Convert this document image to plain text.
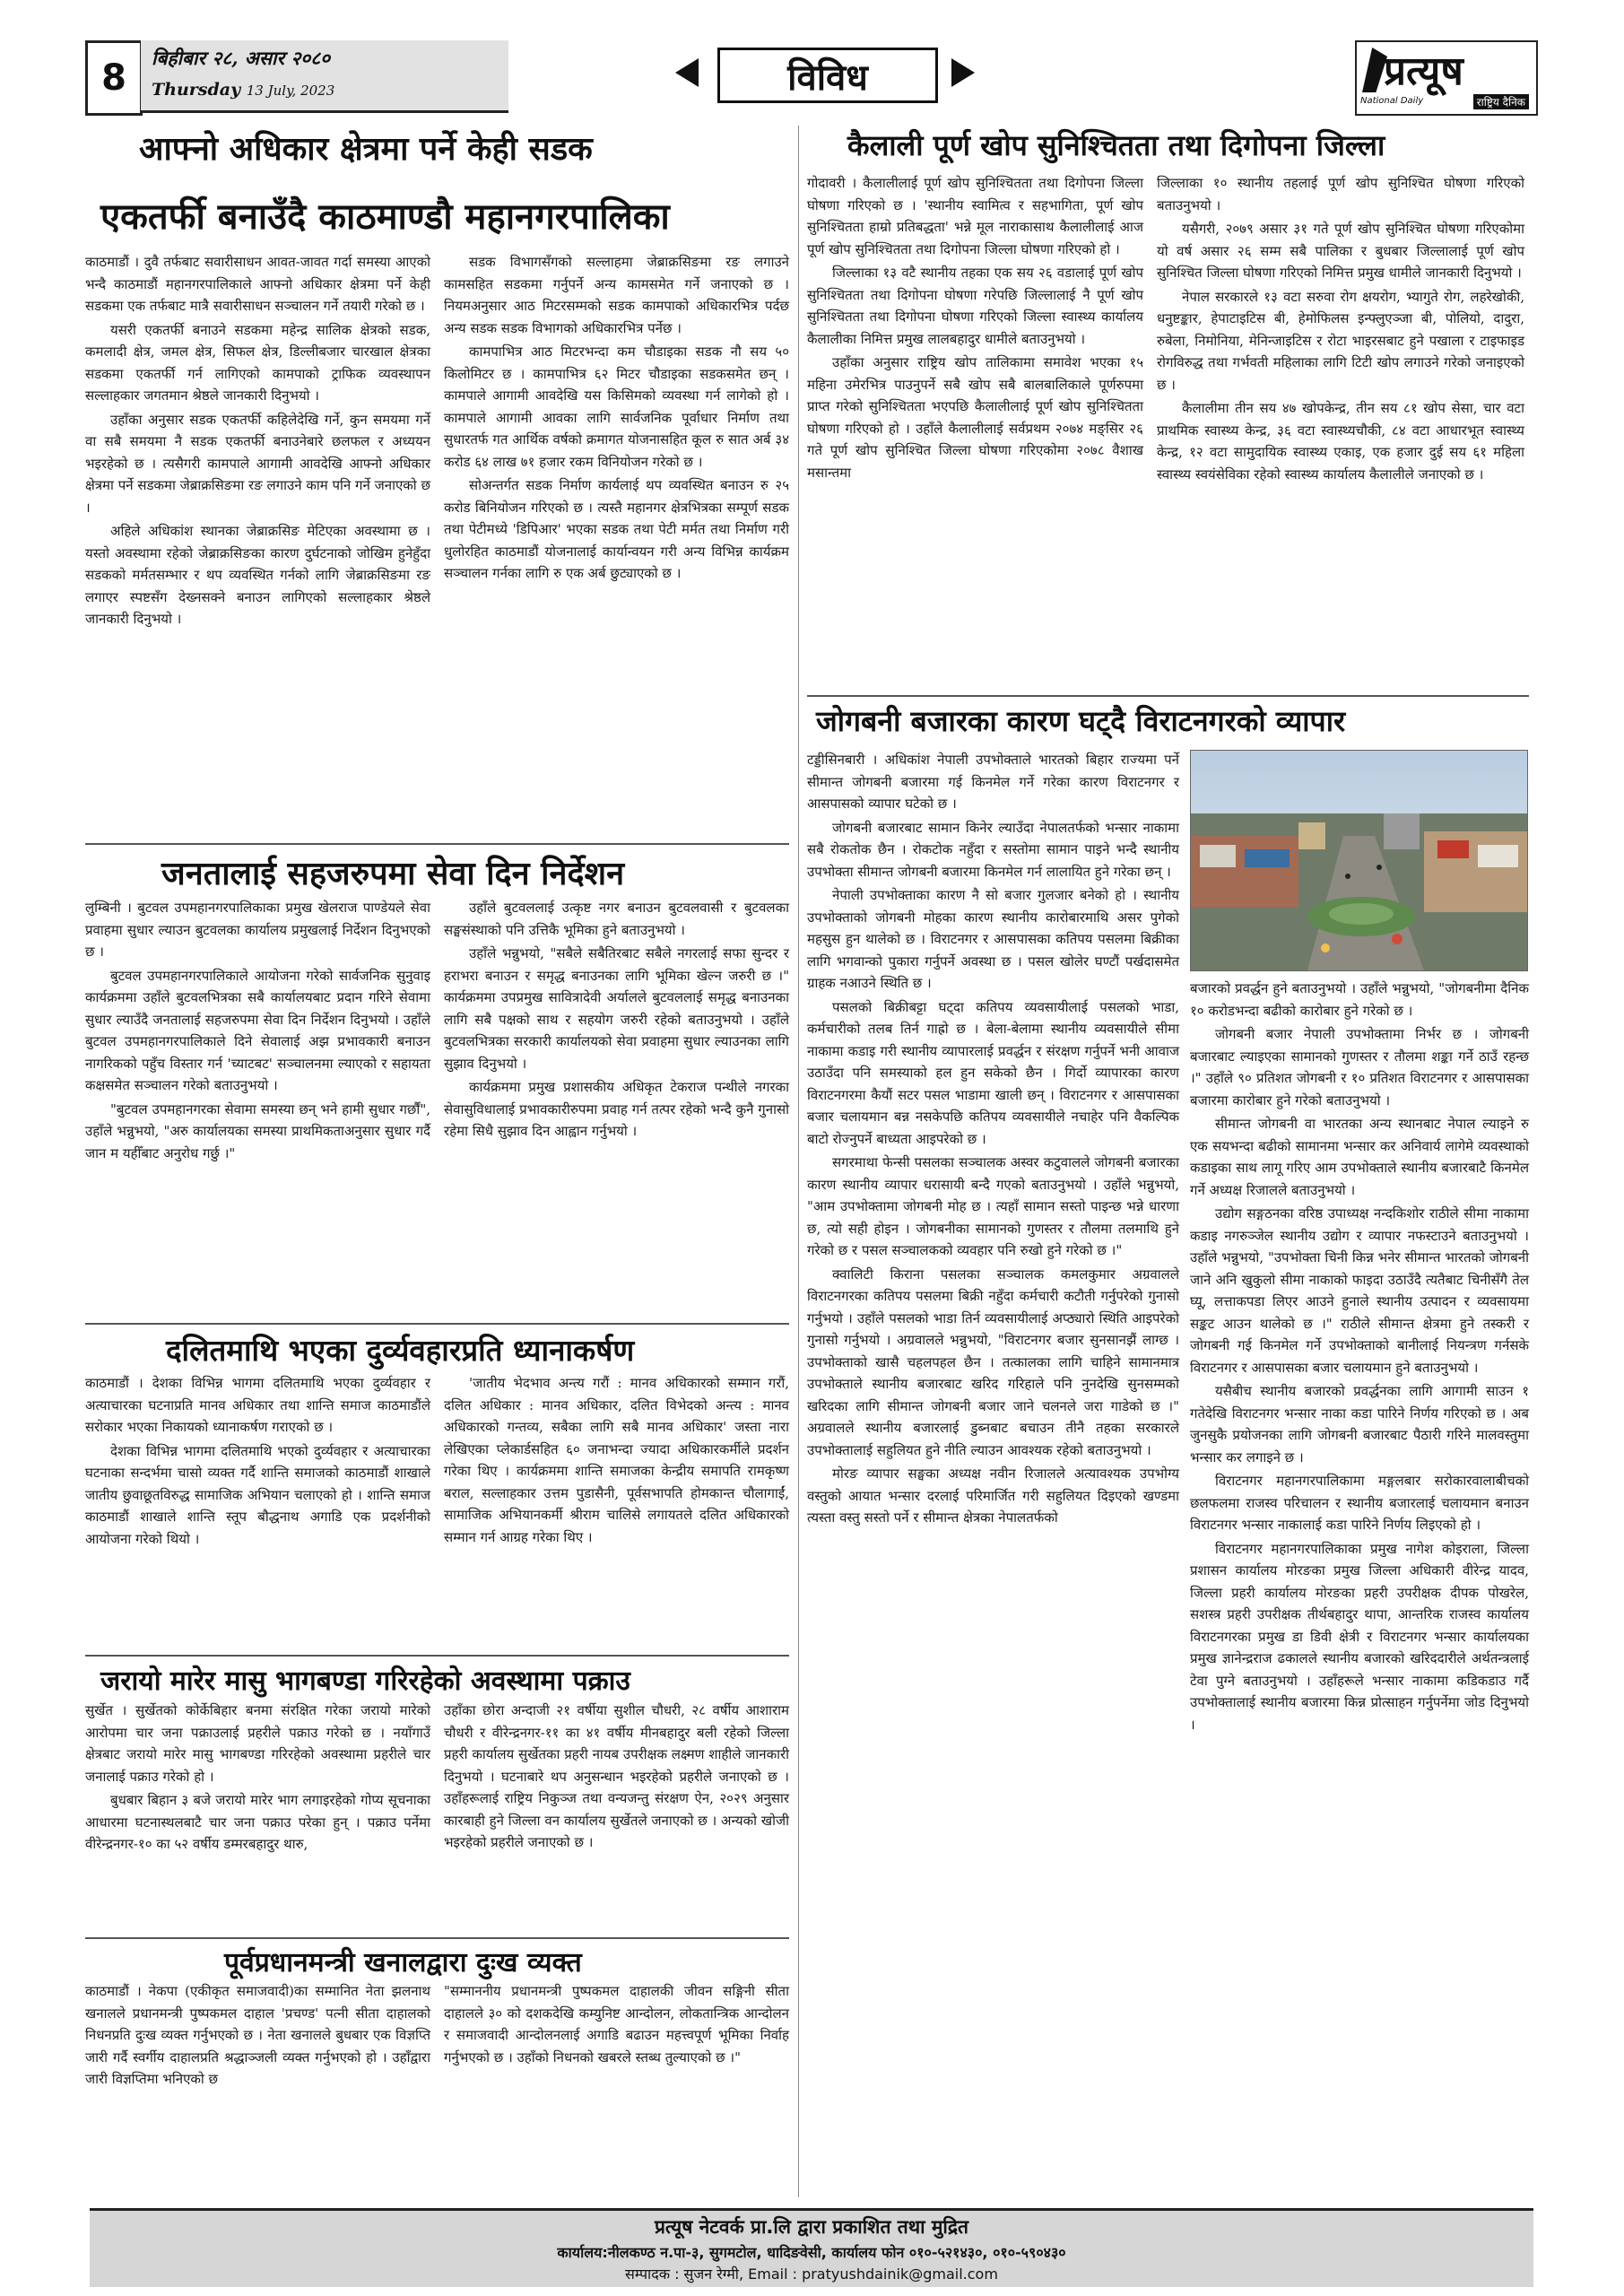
8	बिहीबार २८, असार २०८०
Thursday 13 July, 2023	विविध	प्रत्यूष
National Daily	राष्ट्रिय दैनिक
आफ्नो अधिकार क्षेत्रमा पर्ने केही सडक
एकतर्फी बनाउँदै काठमाण्डौ महानगरपालिका

काठमाडौं । दुवै तर्फबाट सवारीसाधन आवत-जावत गर्दा समस्या आएको भन्दै काठमाडौं महानगरपालिकाले आफ्नो अधिकार क्षेत्रमा पर्ने केही सडकमा एक तर्फबाट मात्रै सवारीसाधन सञ्चालन गर्ने तयारी गरेको छ ।

यसरी एकतर्फी बनाउने सडकमा महेन्द्र सालिक क्षेत्रको सडक, कमलादी क्षेत्र, जमल क्षेत्र, सिफल क्षेत्र, डिल्लीबजार चारखाल क्षेत्रका सडकमा एकतर्फी गर्न लागिएको कामपाको ट्राफिक व्यवस्थापन सल्लाहकार जगतमान श्रेष्ठले जानकारी दिनुभयो ।

उहाँका अनुसार सडक एकतर्फी कहिलेदेखि गर्ने, कुन समयमा गर्ने वा सबै समयमा नै सडक एकतर्फी बनाउनेबारे छलफल र अध्ययन भइरहेको छ । त्यसैगरी कामपाले आगामी आवदेखि आफ्नो अधिकार क्षेत्रमा पर्ने सडकमा जेब्राक्रसिङमा रङ लगाउने काम पनि गर्ने जनाएको छ ।

अहिले अधिकांश स्थानका जेब्राक्रसिङ मेटिएका अवस्थामा छ । यस्तो अवस्थामा रहेको जेब्राक्रसिङका कारण दुर्घटनाको जोखिम हुनेहुँदा सडकको मर्मतसम्भार र थप व्यवस्थित गर्नको लागि जेब्राक्रसिङमा रङ लगाएर स्पष्टसँग देख्नसक्ने बनाउन लागिएको सल्लाहकार श्रेष्ठले जानकारी दिनुभयो ।

सडक विभागसँगको सल्लाहमा जेब्राक्रसिङमा रङ लगाउने कामसहित सडकमा गर्नुपर्ने अन्य कामसमेत गर्ने जनाएको छ । नियमअनुसार आठ मिटरसम्मको सडक कामपाको अधिकारभित्र पर्दछ अन्य सडक सडक विभागको अधिकारभित्र पर्नेछ ।

कामपाभित्र आठ मिटरभन्दा कम चौडाइका सडक नौ सय ५० किलोमिटर छ । कामपाभित्र ६२ मिटर चौडाइका सडकसमेत छन् । कामपाले आगामी आवदेखि यस किसिमको व्यवस्था गर्न लागेको हो । कामपाले आगामी आवका लागि सार्वजनिक पूर्वाधार निर्माण तथा सुधारतर्फ गत आर्थिक वर्षको क्रमागत योजनासहित कूल रु सात अर्ब ३४ करोड ६४ लाख ७१ हजार रकम विनियोजन गरेको छ ।

सोअन्तर्गत सडक निर्माण कार्यलाई थप व्यवस्थित बनाउन रु २५ करोड बिनियोजन गरिएको छ । त्यस्तै महानगर क्षेत्रभित्रका सम्पूर्ण सडक तथा पेटीमध्ये 'डिपिआर' भएका सडक तथा पेटी मर्मत तथा निर्माण गरी धुलोरहित काठमाडौं योजनालाई कार्यान्वयन गरी अन्य विभिन्न कार्यक्रम सञ्चालन गर्नका लागि रु एक अर्ब छुट्याएको छ ।

जनतालाई सहजरुपमा सेवा दिन निर्देशन

लुम्बिनी । बुटवल उपमहानगरपालिकाका प्रमुख खेलराज पाण्डेयले सेवा प्रवाहमा सुधार ल्याउन बुटवलका कार्यालय प्रमुखलाई निर्देशन दिनुभएको छ ।

बुटवल उपमहानगरपालिकाले आयोजना गरेको सार्वजनिक सुनुवाइ कार्यक्रममा उहाँले बुटवलभित्रका सबै कार्यालयबाट प्रदान गरिने सेवामा सुधार ल्याउँदै जनतालाई सहजरुपमा सेवा दिन निर्देशन दिनुभयो । उहाँले बुटवल उपमहानगरपालिकाले दिने सेवालाई अझ प्रभावकारी बनाउन नागरिकको पहुँच विस्तार गर्न 'च्याटबट' सञ्चालनमा ल्याएको र सहायता कक्षसमेत सञ्चालन गरेको बताउनुभयो ।

"बुटवल उपमहानगरका सेवामा समस्या छन् भने हामी सुधार गर्छौं", उहाँले भन्नुभयो, "अरु कार्यालयका समस्या प्राथमिकताअनुसार सुधार गर्दै जान म यहीँबाट अनुरोध गर्छु ।"

उहाँले बुटवललाई उत्कृष्ट नगर बनाउन बुटवलवासी र बुटवलका सङ्घसंस्थाको पनि उत्तिकै भूमिका हुने बताउनुभयो ।

उहाँले भन्नुभयो, "सबैले सबैतिरबाट सबैले नगरलाई सफा सुन्दर र हराभरा बनाउन र समृद्ध बनाउनका लागि भूमिका खेल्न जरुरी छ ।" कार्यक्रममा उपप्रमुख सावित्रादेवी अर्यालले बुटवललाई समृद्ध बनाउनका लागि सबै पक्षको साथ र सहयोग जरुरी रहेको बताउनुभयो । उहाँले बुटवलभित्रका सरकारी कार्यालयको सेवा प्रवाहमा सुधार ल्याउनका लागि सुझाव दिनुभयो ।

कार्यक्रममा प्रमुख प्रशासकीय अधिकृत टेकराज पन्थीले नगरका सेवासुविधालाई प्रभावकारीरुपमा प्रवाह गर्न तत्पर रहेको भन्दै कुनै गुनासो रहेमा सिधै सुझाव दिन आह्वान गर्नुभयो ।

दलितमाथि भएका दुर्व्यवहारप्रति ध्यानाकर्षण

काठमाडौं । देशका विभिन्न भागमा दलितमाथि भएका दुर्व्यवहार र अत्याचारका घटनाप्रति मानव अधिकार तथा शान्ति समाज काठमाडौंले सरोकार भएका निकायको ध्यानाकर्षण गराएको छ ।

देशका विभिन्न भागमा दलितमाथि भएको दुर्व्यवहार र अत्याचारका घटनाका सन्दर्भमा चासो व्यक्त गर्दै शान्ति समाजको काठमाडौं शाखाले जातीय छुवाछूतविरुद्ध सामाजिक अभियान चलाएको हो । शान्ति समाज काठमाडौं शाखाले शान्ति स्तूप बौद्धनाथ अगाडि एक प्रदर्शनीको आयोजना गरेको थियो ।

'जातीय भेदभाव अन्त्य गरौं : मानव अधिकारको सम्मान गरौं, दलित अधिकार : मानव अधिकार, दलित विभेदको अन्त्य : मानव अधिकारको गन्तव्य, सबैका लागि सबै मानव अधिकार' जस्ता नारा लेखिएका प्लेकार्डसहित ६० जनाभन्दा ज्यादा अधिकारकर्मीले प्रदर्शन गरेका थिए । कार्यक्रममा शान्ति समाजका केन्द्रीय समापति रामकृष्ण बराल, सल्लाहकार उत्तम पुडासैनी, पूर्वसभापति होमकान्त चौलागाईं, सामाजिक अभियानकर्मी श्रीराम चालिसे लगायतले दलित अधिकारको सम्मान गर्न आग्रह गरेका थिए ।

जरायो मारेर मासु भागबण्डा गरिरहेको अवस्थामा पक्राउ

सुर्खेत । सुर्खेतको कोर्केबिहार बनमा संरक्षित गरेका जरायो मारेको आरोपमा चार जना पक्राउलाई प्रहरीले पक्राउ गरेको छ । नयाँगाउँ क्षेत्रबाट जरायो मारेर मासु भागबण्डा गरिरहेको अवस्थामा प्रहरीले चार जनालाई पक्राउ गरेको हो ।

बुधबार बिहान ३ बजे जरायो मारेर भाग लगाइरहेको गोप्य सूचनाका आधारमा घटनास्थलबाटै चार जना पक्राउ परेका हुन् । पक्राउ पर्नेमा वीरेन्द्रनगर-१० का ५२ वर्षीय डम्मरबहादुर थारु,

उहाँका छोरा अन्दाजी २१ वर्षीया सुशील चौधरी, २८ वर्षीय आशाराम चौधरी र वीरेन्द्रनगर-११ का ४१ वर्षीय मीनबहादुर बली रहेको जिल्ला प्रहरी कार्यालय सुर्खेतका प्रहरी नायब उपरीक्षक लक्ष्मण शाहीले जानकारी दिनुभयो । घटनाबारे थप अनुसन्धान भइरहेको प्रहरीले जनाएको छ । उहाँहरूलाई राष्ट्रिय निकुञ्ज तथा वन्यजन्तु संरक्षण ऐन, २०२९ अनुसार कारबाही हुने जिल्ला वन कार्यालय सुर्खेतले जनाएको छ । अन्यको खोजी भइरहेको प्रहरीले जनाएको छ ।

पूर्वप्रधानमन्त्री खनालद्वारा दुःख व्यक्त

काठमाडौं । नेकपा (एकीकृत समाजवादी)का सम्मानित नेता झलनाथ खनालले प्रधानमन्त्री पुष्पकमल दाहाल 'प्रचण्ड' पत्नी सीता दाहालको निधनप्रति दुःख व्यक्त गर्नुभएको छ । नेता खनालले बुधबार एक विज्ञप्ति जारी गर्दै स्वर्गीय दाहालप्रति श्रद्धाञ्जली व्यक्त गर्नुभएको हो । उहाँद्वारा जारी विज्ञप्तिमा भनिएको छ

"सम्माननीय प्रधानमन्त्री पुष्पकमल दाहालकी जीवन सङ्गिनी सीता दाहालले ३० को दशकदेखि कम्युनिष्ट आन्दोलन, लोकतान्त्रिक आन्दोलन र समाजवादी आन्दोलनलाई अगाडि बढाउन महत्त्वपूर्ण भूमिका निर्वाह गर्नुभएको छ । उहाँको निधनको खबरले स्तब्ध तुल्याएको छ ।"

कैलाली पूर्ण खोप सुनिश्चितता तथा दिगोपना जिल्ला

गोदावरी । कैलालीलाई पूर्ण खोप सुनिश्चितता तथा दिगोपना जिल्ला घोषणा गरिएको छ । 'स्थानीय स्वामित्व र सहभागिता, पूर्ण खोप सुनिश्चितता हाम्रो प्रतिबद्धता' भन्ने मूल नाराकासाथ कैलालीलाई आज पूर्ण खोप सुनिश्चितता तथा दिगोपना जिल्ला घोषणा गरिएको हो ।

जिल्लाका १३ वटै स्थानीय तहका एक सय २६ वडालाई पूर्ण खोप सुनिश्चितता तथा दिगोपना घोषणा गरेपछि जिल्लालाई नै पूर्ण खोप सुनिश्चितता तथा दिगोपना घोषणा गरिएको जिल्ला स्वास्थ्य कार्यालय कैलालीका निमित्त प्रमुख लालबहादुर धामीले बताउनुभयो ।

उहाँका अनुसार राष्ट्रिय खोप तालिकामा समावेश भएका १५ महिना उमेरभित्र पाउनुपर्ने सबै खोप सबै बालबालिकाले पूर्णरुपमा प्राप्त गरेको सुनिश्चितता भएपछि कैलालीलाई पूर्ण खोप सुनिश्चितता घोषणा गरिएको हो । उहाँले कैलालीलाई सर्वप्रथम २०७४ मङ्सिर २६ गते पूर्ण खोप सुनिश्चित जिल्ला घोषणा गरिएकोमा २०७८ वैशाख मसान्तमा

जिल्लाका १० स्थानीय तहलाई पूर्ण खोप सुनिश्चित घोषणा गरिएको बताउनुभयो ।

यसैगरी, २०७९ असार ३१ गते पूर्ण खोप सुनिश्चित घोषणा गरिएकोमा यो वर्ष असार २६ सम्म सबै पालिका र बुधबार जिल्लालाई पूर्ण खोप सुनिश्चित जिल्ला घोषणा गरिएको निमित्त प्रमुख धामीले जानकारी दिनुभयो ।

नेपाल सरकारले १३ वटा सरुवा रोग क्षयरोग, भ्यागुते रोग, लहरेखोकी, धनुष्टङ्कार, हेपाटाइटिस बी, हेमोफिलस इन्फ्लुएञ्जा बी, पोलियो, दादुरा, रुबेला, निमोनिया, मेनिन्जाइटिस र रोटा भाइरसबाट हुने पखाला र टाइफाइड रोगविरुद्ध तथा गर्भवती महिलाका लागि टिटी खोप लगाउने गरेको जनाइएको छ ।

कैलालीमा तीन सय ४७ खोपकेन्द्र, तीन सय ८१ खोप सेसा, चार वटा प्राथमिक स्वास्थ्य केन्द्र, ३६ वटा स्वास्थ्यचौकी, ८४ वटा आधारभूत स्वास्थ्य केन्द्र, १२ वटा सामुदायिक स्वास्थ्य एकाइ, एक हजार दुई सय ६१ महिला स्वास्थ्य स्वयंसेविका रहेको स्वास्थ्य कार्यालय कैलालीले जनाएको छ ।

जोगबनी बजारका कारण घट्दै विराटनगरको व्यापार

टड्डीसिनबारी । अधिकांश नेपाली उपभोक्ताले भारतको बिहार राज्यमा पर्ने सीमान्त जोगबनी बजारमा गई किनमेल गर्ने गरेका कारण विराटनगर र आसपासको व्यापार घटेको छ ।

जोगबनी बजारबाट सामान किनेर ल्याउँदा नेपालतर्फको भन्सार नाकामा सबै रोकतोक छैन । रोकटोक नहुँदा र सस्तोमा सामान पाइने भन्दै स्थानीय उपभोक्ता सीमान्त जोगबनी बजारमा किनमेल गर्न लालायित हुने गरेका छन् ।

नेपाली उपभोक्ताका कारण नै सो बजार गुलजार बनेको हो । स्थानीय उपभोक्ताको जोगबनी मोहका कारण स्थानीय कारोबारमाथि असर पुगेको महसुस हुन थालेको छ । विराटनगर र आसपासका कतिपय पसलमा बिक्रीका लागि भगवान्को पुकारा गर्नुपर्ने अवस्था छ । पसल खोलेर घण्टौं पर्खदासमेत ग्राहक नआउने स्थिति छ ।

पसलको बिक्रीबट्टा घट्दा कतिपय व्यवसायीलाई पसलको भाडा, कर्मचारीको तलब तिर्न गाह्रो छ । बेला-बेलामा स्थानीय व्यवसायीले सीमा नाकामा कडाइ गरी स्थानीय व्यापारलाई प्रवर्द्धन र संरक्षण गर्नुपर्ने भनी आवाज उठाउँदा पनि समस्याको हल हुन सकेको छैन । गिर्दो व्यापारका कारण विराटनगरमा कैयौं सटर पसल भाडामा खाली छन् । विराटनगर र आसपासका बजार चलायमान बन्न नसकेपछि कतिपय व्यवसायीले नचाहेर पनि वैकल्पिक बाटो रोज्नुपर्ने बाध्यता आइपरेको छ ।

सगरमाथा फेन्सी पसलका सञ्चालक अस्वर कटुवालले जोगबनी बजारका कारण स्थानीय व्यापार धरासायी बन्दै गएको बताउनुभयो । उहाँले भन्नुभयो, "आम उपभोक्तामा जोगबनी मोह छ । त्यहाँ सामान सस्तो पाइन्छ भन्ने धारणा छ, त्यो सही होइन । जोगबनीका सामानको गुणस्तर र तौलमा तलमाथि हुने गरेको छ र पसल सञ्चालकको व्यवहार पनि रुखो हुने गरेको छ ।"

क्वालिटी किराना पसलका सञ्चालक कमलकुमार अग्रवालले विराटनगरका कतिपय पसलमा बिक्री नहुँदा कर्मचारी कटौती गर्नुपरेको गुनासो गर्नुभयो । उहाँले पसलको भाडा तिर्न व्यवसायीलाई अप्ठ्यारो स्थिति आइपरेको गुनासो गर्नुभयो । अग्रवालले भन्नुभयो, "विराटनगर बजार सुनसानझैं लाग्छ । उपभोक्ताको खासै चहलपहल छैन । तत्कालका लागि चाहिने सामानमात्र उपभोक्ताले स्थानीय बजारबाट खरिद गरिहाले पनि नुनदेखि सुनसम्मको खरिदका लागि सीमान्त जोगबनी बजार जाने चलनले जरा गाडेको छ ।" अग्रवालले स्थानीय बजारलाई डुब्नबाट बचाउन तीनै तहका सरकारले उपभोक्तालाई सहुलियत हुने नीति ल्याउन आवश्यक रहेको बताउनुभयो ।

मोरङ व्यापार सङ्घका अध्यक्ष नवीन रिजालले अत्यावश्यक उपभोग्य वस्तुको आयात भन्सार दरलाई परिमार्जित गरी सहुलियत दिइएको खण्डमा त्यस्ता वस्तु सस्तो पर्ने र सीमान्त क्षेत्रका नेपालतर्फको

बजारको प्रवर्द्धन हुने बताउनुभयो । उहाँले भन्नुभयो, "जोगबनीमा दैनिक १० करोडभन्दा बढीको कारोबार हुने गरेको छ ।

जोगबनी बजार नेपाली उपभोक्तामा निर्भर छ । जोगबनी बजारबाट ल्याइएका सामानको गुणस्तर र तौलमा शङ्का गर्ने ठाउँ रहन्छ ।" उहाँले ९० प्रतिशत जोगबनी र १० प्रतिशत विराटनगर र आसपासका बजारमा कारोबार हुने गरेको बताउनुभयो ।

सीमान्त जोगबनी वा भारतका अन्य स्थानबाट नेपाल ल्याइने रु एक सयभन्दा बढीको सामानमा भन्सार कर अनिवार्य लागेमे व्यवस्थाको कडाइका साथ लागू गरिए आम उपभोक्ताले स्थानीय बजारबाटै किनमेल गर्ने अध्यक्ष रिजालले बताउनुभयो ।

उद्योग सङ्गठनका वरिष्ठ उपाध्यक्ष नन्दकिशोर राठीले सीमा नाकामा कडाइ नगरुञ्जेल स्थानीय उद्योग र व्यापार नफस्टाउने बताउनुभयो । उहाँले भन्नुभयो, "उपभोक्ता चिनी किन्न भनेर सीमान्त भारतको जोगबनी जाने अनि खुकुलो सीमा नाकाको फाइदा उठाउँदै त्यतैबाट चिनीसँगै तेल घ्यू, लत्ताकपडा लिएर आउने हुनाले स्थानीय उत्पादन र व्यवसायमा सङ्कट आउन थालेको छ ।" राठीले सीमान्त क्षेत्रमा हुने तस्करी र जोगबनी गई किनमेल गर्ने उपभोक्ताको बानीलाई नियन्त्रण गर्नसके विराटनगर र आसपासका बजार चलायमान हुने बताउनुभयो ।

यसैबीच स्थानीय बजारको प्रवर्द्धनका लागि आगामी साउन १ गतेदेखि विराटनगर भन्सार नाका कडा पारिने निर्णय गरिएको छ । अब जुनसुकै प्रयोजनका लागि जोगबनी बजारबाट पैठारी गरिने मालवस्तुमा भन्सार कर लगाइने छ ।

विराटनगर महानगरपालिकामा मङ्गलबार सरोकारवालाबीचको छलफलमा राजस्व परिचालन र स्थानीय बजारलाई चलायमान बनाउन विराटनगर भन्सार नाकालाई कडा पारिने निर्णय लिइएको हो ।

विराटनगर महानगरपालिकाका प्रमुख नागेश कोइराला, जिल्ला प्रशासन कार्यालय मोरङका प्रमुख जिल्ला अधिकारी वीरेन्द्र यादव, जिल्ला प्रहरी कार्यालय मोरङका प्रहरी उपरीक्षक दीपक पोखरेल, सशस्त्र प्रहरी उपरीक्षक तीर्थबहादुर थापा, आन्तरिक राजस्व कार्यालय विराटनगरका प्रमुख डा डिवी क्षेत्री र विराटनगर भन्सार कार्यालयका प्रमुख ज्ञानेन्द्रराज ढकालले स्थानीय बजारको खरिददारीले अर्थतन्त्रलाई टेवा पुग्ने बताउनुभयो । उहाँहरूले भन्सार नाकामा कडिकडाउ गर्दै उपभोक्तालाई स्थानीय बजारमा किन्न प्रोत्साहन गर्नुपर्नेमा जोड दिनुभयो ।

प्रत्यूष नेटवर्क प्रा.लि द्वारा प्रकाशित तथा मुद्रित
कार्यालय:नीलकण्ठ न.पा-३, सुगमटोल, धादिङवेसी, कार्यालय फोन ०१०-५२१४३०, ०१०-५९०४३०
सम्पादक : सुजन रेग्मी, Email : pratyushdainik@gmail.com
